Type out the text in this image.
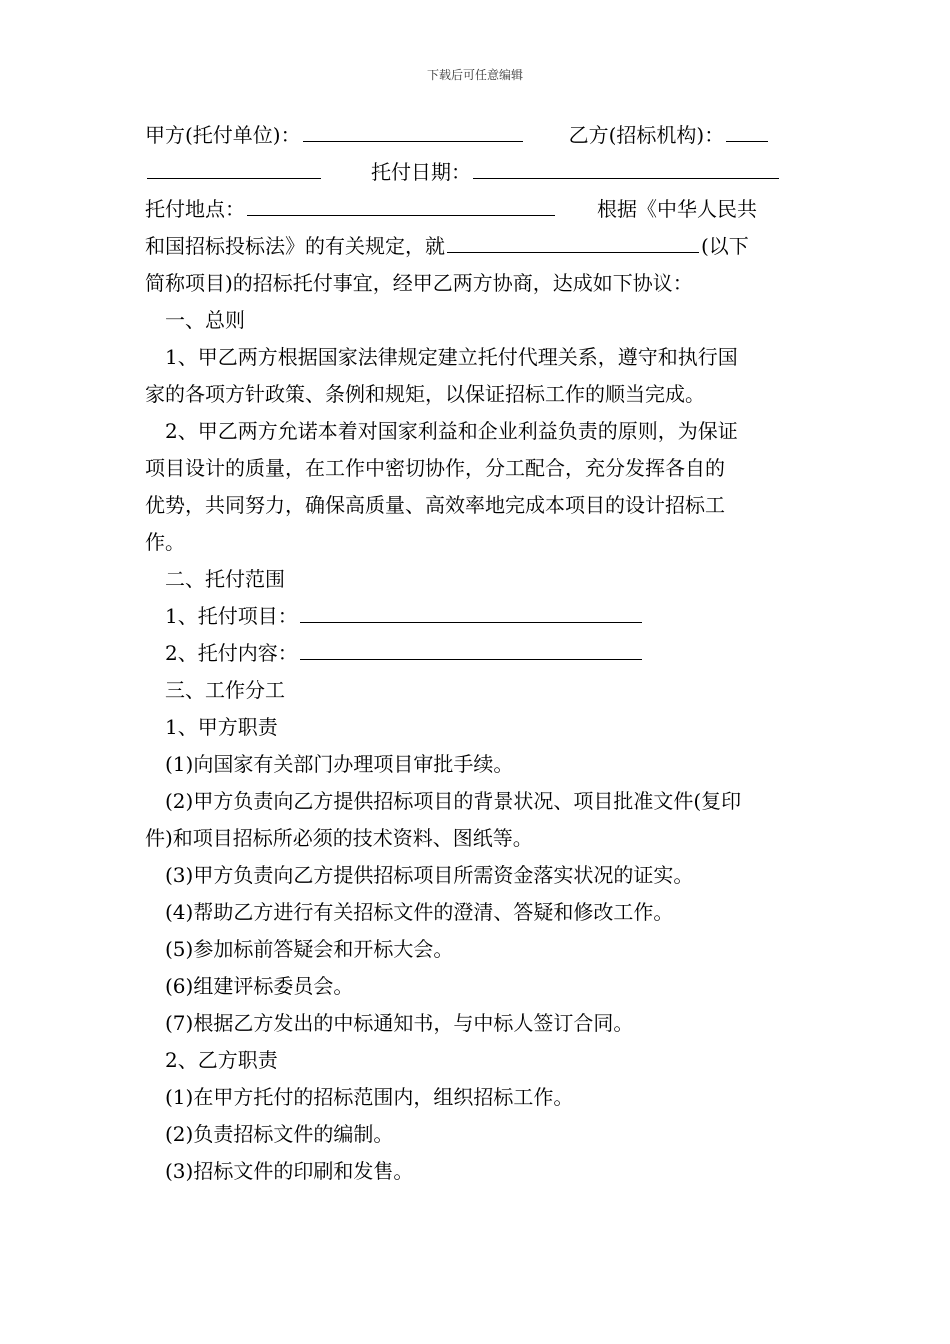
下载后可任意编辑
甲方(托付单位)：	乙方(招标机构)：
托付日期：
托付地点：	根据《中华人民共
和国招标投标法》的有关规定，就	(以下
简称项目)的招标托付事宜，经甲乙两方协商，达成如下协议：
一、总则
1、甲乙两方根据国家法律规定建立托付代理关系，遵守和执行国
家的各项方针政策、条例和规矩，以保证招标工作的顺当完成。
2、甲乙两方允诺本着对国家利益和企业利益负责的原则，为保证
项目设计的质量，在工作中密切协作，分工配合，充分发挥各自的
优势，共同努力，确保高质量、高效率地完成本项目的设计招标工
作。
二、托付范围
1、托付项目：
2、托付内容：
三、工作分工
1、甲方职责
(1)向国家有关部门办理项目审批手续。
(2)甲方负责向乙方提供招标项目的背景状况、项目批准文件(复印
件)和项目招标所必须的技术资料、图纸等。
(3)甲方负责向乙方提供招标项目所需资金落实状况的证实。
(4)帮助乙方进行有关招标文件的澄清、答疑和修改工作。
(5)参加标前答疑会和开标大会。
(6)组建评标委员会。
(7)根据乙方发出的中标通知书，与中标人签订合同。
2、乙方职责
(1)在甲方托付的招标范围内，组织招标工作。
(2)负责招标文件的编制。
(3)招标文件的印刷和发售。
